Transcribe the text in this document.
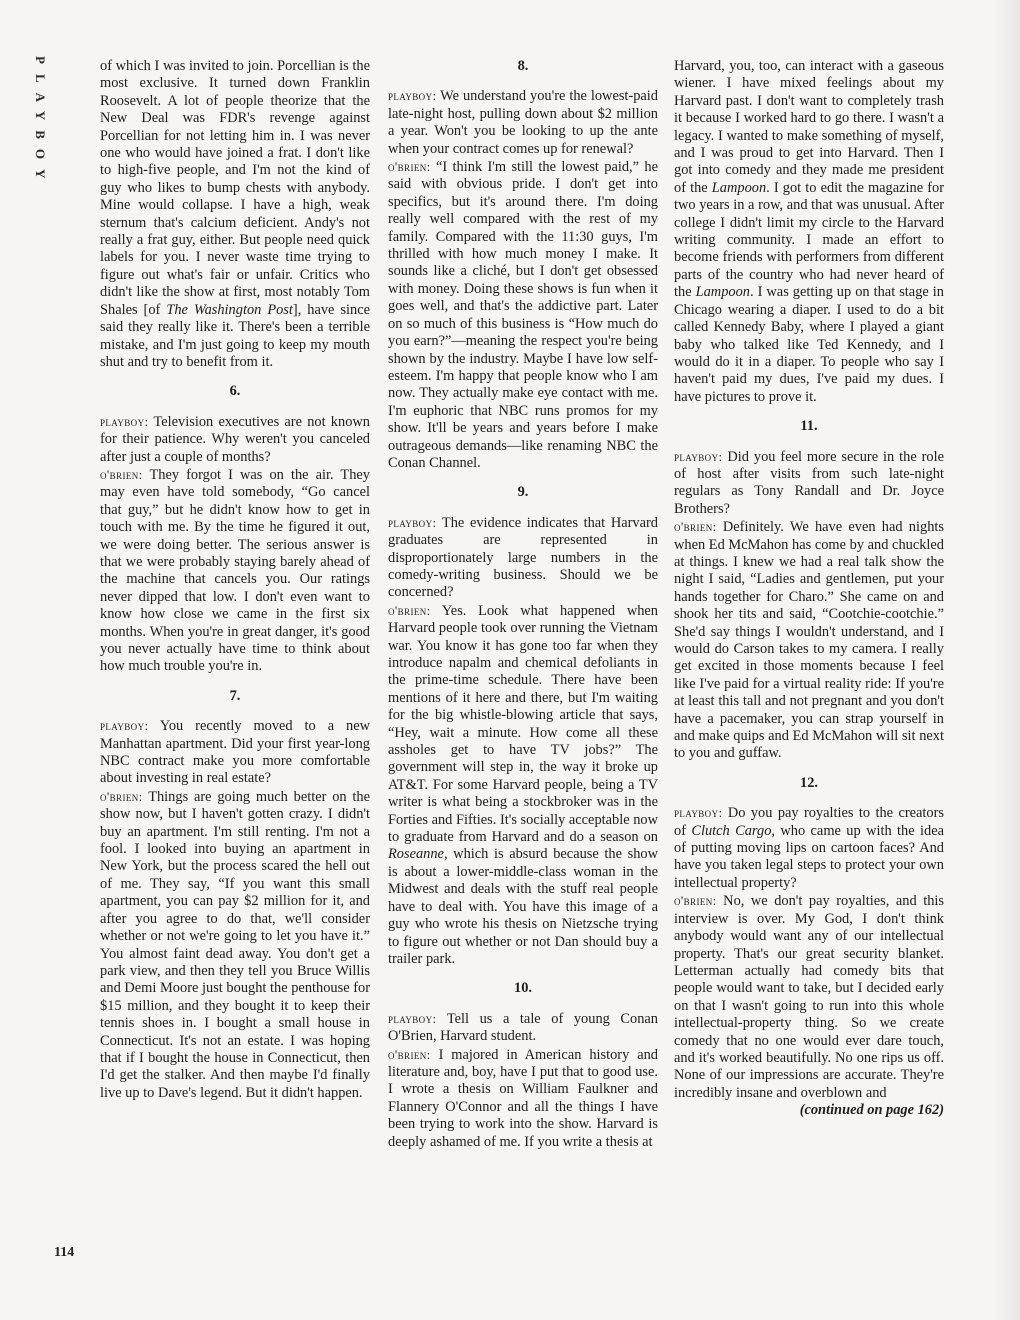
PLAYBOY
114

of which I was invited to join. Porcellian is the most exclusive. It turned down Franklin Roosevelt. A lot of people theorize that the New Deal was FDR's revenge against Porcellian for not letting him in. I was never one who would have joined a frat. I don't like to high-five people, and I'm not the kind of guy who likes to bump chests with anybody. Mine would collapse. I have a high, weak sternum that's calcium deficient. Andy's not really a frat guy, either. But people need quick labels for you. I never waste time trying to figure out what's fair or unfair. Critics who didn't like the show at first, most notably Tom Shales [of The Washington Post], have since said they really like it. There's been a terrible mistake, and I'm just going to keep my mouth shut and try to benefit from it.

6.

playboy: Television executives are not known for their patience. Why weren't you canceled after just a couple of months?

o'brien: They forgot I was on the air. They may even have told somebody, “Go cancel that guy,” but he didn't know how to get in touch with me. By the time he figured it out, we were doing better. The serious answer is that we were probably staying barely ahead of the machine that cancels you. Our ratings never dipped that low. I don't even want to know how close we came in the first six months. When you're in great danger, it's good you never actually have time to think about how much trouble you're in.

7.

playboy: You recently moved to a new Manhattan apartment. Did your first year-long NBC contract make you more comfortable about investing in real estate?

o'brien: Things are going much better on the show now, but I haven't gotten crazy. I didn't buy an apartment. I'm still renting. I'm not a fool. I looked into buying an apartment in New York, but the process scared the hell out of me. They say, “If you want this small apartment, you can pay $2 million for it, and after you agree to do that, we'll consider whether or not we're going to let you have it.” You almost faint dead away. You don't get a park view, and then they tell you Bruce Willis and Demi Moore just bought the penthouse for $15 million, and they bought it to keep their tennis shoes in. I bought a small house in Connecticut. It's not an estate. I was hoping that if I bought the house in Connecticut, then I'd get the stalker. And then maybe I'd finally live up to Dave's legend. But it didn't happen.

8.

playboy: We understand you're the lowest-paid late-night host, pulling down about $2 million a year. Won't you be looking to up the ante when your contract comes up for renewal?

o'brien: “I think I'm still the lowest paid,” he said with obvious pride. I don't get into specifics, but it's around there. I'm doing really well compared with the rest of my family. Compared with the 11:30 guys, I'm thrilled with how much money I make. It sounds like a cliché, but I don't get obsessed with money. Doing these shows is fun when it goes well, and that's the addictive part. Later on so much of this business is “How much do you earn?”—meaning the respect you're being shown by the industry. Maybe I have low self-esteem. I'm happy that people know who I am now. They actually make eye contact with me. I'm euphoric that NBC runs promos for my show. It'll be years and years before I make outrageous demands—like renaming NBC the Conan Channel.

9.

playboy: The evidence indicates that Harvard graduates are represented in disproportionately large numbers in the comedy-writing business. Should we be concerned?

o'brien: Yes. Look what happened when Harvard people took over running the Vietnam war. You know it has gone too far when they introduce napalm and chemical defoliants in the prime-time schedule. There have been mentions of it here and there, but I'm waiting for the big whistle-blowing article that says, “Hey, wait a minute. How come all these assholes get to have TV jobs?” The government will step in, the way it broke up AT&T. For some Harvard people, being a TV writer is what being a stockbroker was in the Forties and Fifties. It's socially acceptable now to graduate from Harvard and do a season on Roseanne, which is absurd because the show is about a lower-middle-class woman in the Midwest and deals with the stuff real people have to deal with. You have this image of a guy who wrote his thesis on Nietzsche trying to figure out whether or not Dan should buy a trailer park.

10.

playboy: Tell us a tale of young Conan O'Brien, Harvard student.

o'brien: I majored in American history and literature and, boy, have I put that to good use. I wrote a thesis on William Faulkner and Flannery O'Connor and all the things I have been trying to work into the show. Harvard is deeply ashamed of me. If you write a thesis at

Harvard, you, too, can interact with a gaseous wiener. I have mixed feelings about my Harvard past. I don't want to completely trash it because I worked hard to go there. I wasn't a legacy. I wanted to make something of myself, and I was proud to get into Harvard. Then I got into comedy and they made me president of the Lampoon. I got to edit the magazine for two years in a row, and that was unusual. After college I didn't limit my circle to the Harvard writing community. I made an effort to become friends with performers from different parts of the country who had never heard of the Lampoon. I was getting up on that stage in Chicago wearing a diaper. I used to do a bit called Kennedy Baby, where I played a giant baby who talked like Ted Kennedy, and I would do it in a diaper. To people who say I haven't paid my dues, I've paid my dues. I have pictures to prove it.

11.

playboy: Did you feel more secure in the role of host after visits from such late-night regulars as Tony Randall and Dr. Joyce Brothers?

o'brien: Definitely. We have even had nights when Ed McMahon has come by and chuckled at things. I knew we had a real talk show the night I said, “Ladies and gentlemen, put your hands together for Charo.” She came on and shook her tits and said, “Cootchie-cootchie.” She'd say things I wouldn't understand, and I would do Carson takes to my camera. I really get excited in those moments because I feel like I've paid for a virtual reality ride: If you're at least this tall and not pregnant and you don't have a pacemaker, you can strap yourself in and make quips and Ed McMahon will sit next to you and guffaw.

12.

playboy: Do you pay royalties to the creators of Clutch Cargo, who came up with the idea of putting moving lips on cartoon faces? And have you taken legal steps to protect your own intellectual property?

o'brien: No, we don't pay royalties, and this interview is over. My God, I don't think anybody would want any of our intellectual property. That's our great security blanket. Letterman actually had comedy bits that people would want to take, but I decided early on that I wasn't going to run into this whole intellectual-property thing. So we create comedy that no one would ever dare touch, and it's worked beautifully. No one rips us off. None of our impressions are accurate. They're incredibly insane and overblown and

(continued on page 162)
